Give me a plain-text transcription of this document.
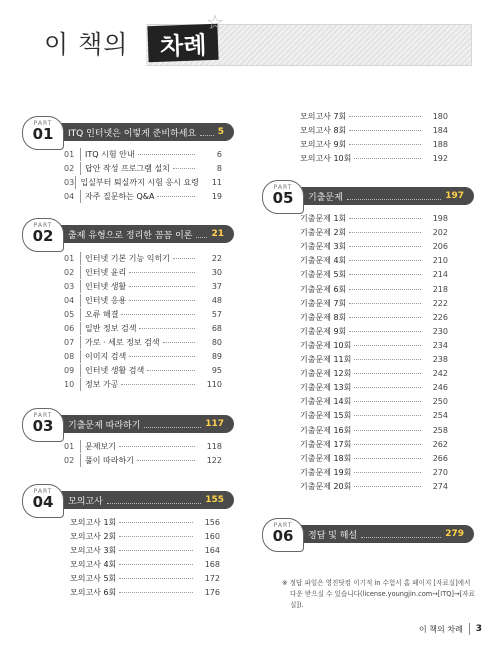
이 책의	차례
☆
ITQ 인터넷은 이렇게 준비하세요 5
PART
01
출제 유형으로 정리한 꼼꼼 이론 21
PART
02
기출문제 따라하기	117
PART
03
모의고사	155
PART
04
기출문제	197
PART
05
정답 및 해설	279
PART
06
01	ITQ 시험 안내	6
02	답안 작성 프로그램 설치	8
03 입실부터 퇴실까지 시험 응시 요령	11
04	자주 질문하는 Q&A	19
01	인터넷 기본 기능 익히기	22
02	인터넷 윤리	30
03	인터넷 생활	37
04	인터넷 응용	48
05	오류 해결	57
06	일반 정보 검색	68
07	가로 · 세로 정보 검색	80
08	이미지 검색	89
09	인터넷 생활 검색	95
10	정보 가공	110
01	문제보기	118
02	풀이 따라하기	122
모의고사 1회	156
모의고사 2회	160
모의고사 3회	164
모의고사 4회	168
모의고사 5회	172
모의고사 6회	176
모의고사 7회	180
모의고사 8회	184
모의고사 9회	188
모의고사 10회	192
기출문제 1회	198
기출문제 2회	202
기출문제 3회	206
기출문제 4회	210
기출문제 5회	214
기출문제 6회	218
기출문제 7회	222
기출문제 8회	226
기출문제 9회	230
기출문제 10회	234
기출문제 11회	238
기출문제 12회	242
기출문제 13회	246
기출문제 14회	250
기출문제 15회	254
기출문제 16회	258
기출문제 17회	262
기출문제 18회	266
기출문제 19회	270
기출문제 20회	274
※ 정답 파일은 영진닷컴 이기적 in 수험서 홈 페이지 [자료실]에서
다운 받으실 수 있습니다(license.youngjin.com→[ITQ]→[자료실]).
이 책의 차례 3
